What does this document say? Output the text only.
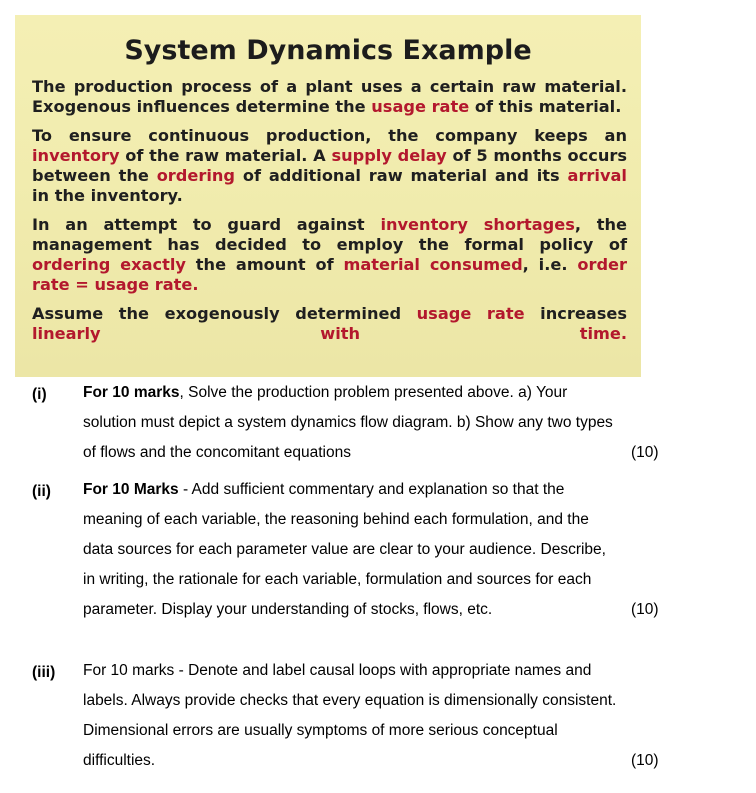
System Dynamics Example

The production process of a plant uses a certain raw material. Exogenous influences determine the usage rate of this material.

To ensure continuous production, the company keeps an inventory of the raw material. A supply delay of 5 months occurs between the ordering of additional raw material and its arrival in the inventory.

In an attempt to guard against inventory shortages, the management has decided to employ the formal policy of ordering exactly the amount of material consumed, i.e. order rate = usage rate.

Assume the exogenously determined usage rate increases linearly with time.

(i) For 10 marks, Solve the production problem presented above. a) Your
solution must depict a system dynamics flow diagram. b) Show any two types
of flows and the concomitant equations	(10)
(ii) For 10 Marks - Add sufficient commentary and explanation so that the
meaning of each variable, the reasoning behind each formulation, and the
data sources for each parameter value are clear to your audience. Describe,
in writing, the rationale for each variable, formulation and sources for each
parameter. Display your understanding of stocks, flows, etc.	(10)
(iii) For 10 marks - Denote and label causal loops with appropriate names and
labels. Always provide checks that every equation is dimensionally consistent.
Dimensional errors are usually symptoms of more serious conceptual
difficulties.	(10)
